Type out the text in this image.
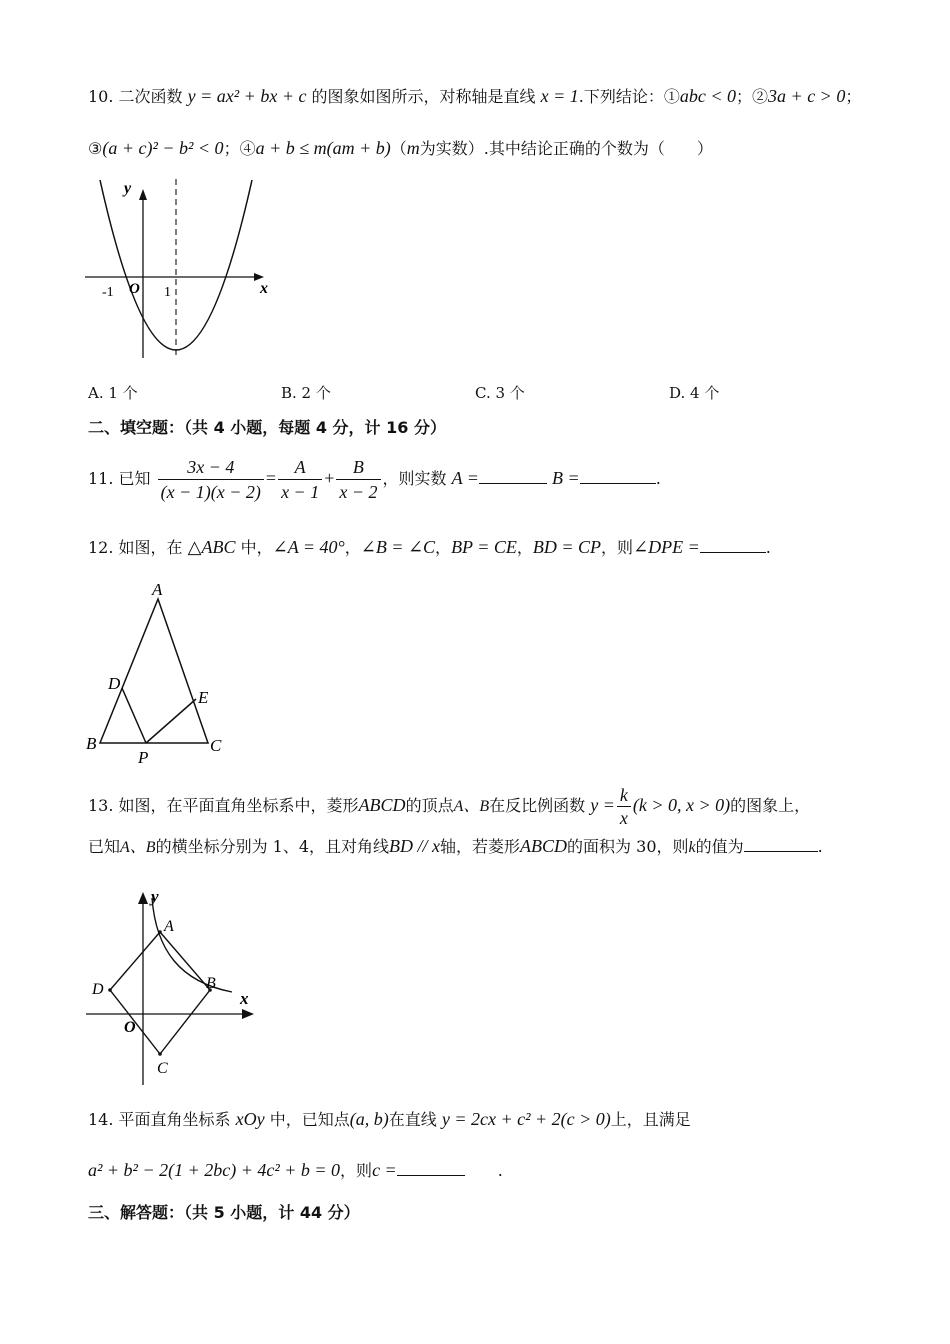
10. 二次函数 y = ax² + bx + c 的图象如图所示，对称轴是直线 x = 1.下列结论：①abc < 0；②3a + c > 0；
③(a + c)² − b² < 0；④a + b ≤ m(am + b)（m为实数）.其中结论正确的个数为（　　）
y
x
O
-1	1
A. 1 个	B. 2 个	C. 3 个	D. 4 个
二、填空题：（共 4 小题，每题 4 分，计 16 分）
11. 已知 $\frac{3x - 4}{(x - 1)(x - 2)} = \frac{A}{x - 1} + \frac{B}{x - 2}$ ，则实数 A =	B =	.
12. 如图，在 △ABC 中，∠A = 40°，∠B = ∠C，BP = CE，BD = CP，则∠DPE =	.
A
B	C
D
E
P
13. 如图，在平面直角坐标系中，菱形ABCD的顶点A、B在反比例函数 $y = \frac{k}{x} (k > 0$, x > 0)的图象上，
已知A、B的横坐标分别为 1、4，且对角线BD // x轴，若菱形ABCD的面积为 30，则k的值为	.
y
x
O
A
B
C
D
14. 平面直角坐标系 xOy 中，已知点(a, b)在直线 y = 2cx + c² + 2(c > 0)上，且满足
a² + b² − 2(1 + 2bc) + 4c² + b = 0，则c =	.
三、解答题：（共 5 小题，计 44 分）
